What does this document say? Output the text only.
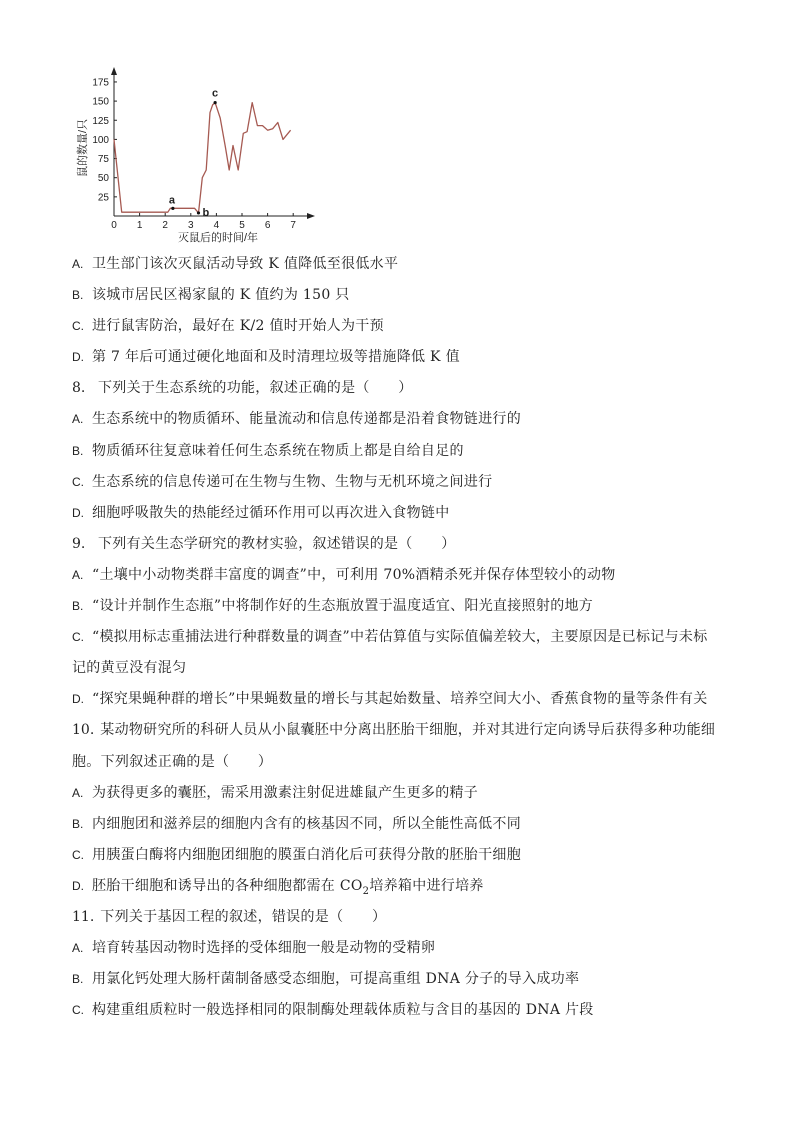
25
50
75
100
125
150
175
0 1 2 3 4 5 6 7
a
b
c
灭鼠后的时间/年
鼠的数量/只
A. 卫生部门该次灭鼠活动导致 K 值降低至很低水平
B. 该城市居民区褐家鼠的 K 值约为 150 只
C. 进行鼠害防治，最好在 K/2 值时开始人为干预
D. 第 7 年后可通过硬化地面和及时清理垃圾等措施降低 K 值
8. 下列关于生态系统的功能，叙述正确的是（　　）
A. 生态系统中的物质循环、能量流动和信息传递都是沿着食物链进行的
B. 物质循环往复意味着任何生态系统在物质上都是自给自足的
C. 生态系统的信息传递可在生物与生物、生物与无机环境之间进行
D. 细胞呼吸散失的热能经过循环作用可以再次进入食物链中
9. 下列有关生态学研究的教材实验，叙述错误的是（　　）
A. “土壤中小动物类群丰富度的调查”中，可利用 70%酒精杀死并保存体型较小的动物
B. “设计并制作生态瓶”中将制作好的生态瓶放置于温度适宜、阳光直接照射的地方
C. “模拟用标志重捕法进行种群数量的调查”中若估算值与实际值偏差较大，主要原因是已标记与未标
记的黄豆没有混匀
D. “探究果蝇种群的增长”中果蝇数量的增长与其起始数量、培养空间大小、香蕉食物的量等条件有关
10. 某动物研究所的科研人员从小鼠囊胚中分离出胚胎干细胞，并对其进行定向诱导后获得多种功能细
胞。下列叙述正确的是（　　）
A. 为获得更多的囊胚，需采用激素注射促进雄鼠产生更多的精子
B. 内细胞团和滋养层的细胞内含有的核基因不同，所以全能性高低不同
C. 用胰蛋白酶将内细胞团细胞的膜蛋白消化后可获得分散的胚胎干细胞
D. 胚胎干细胞和诱导出的各种细胞都需在 $CO_2$培养箱中进行培养
11. 下列关于基因工程的叙述，错误的是（　　）
A. 培育转基因动物时选择的受体细胞一般是动物的受精卵
B. 用氯化钙处理大肠杆菌制备感受态细胞，可提高重组 DNA 分子的导入成功率
C. 构建重组质粒时一般选择相同的限制酶处理载体质粒与含目的基因的 DNA 片段
